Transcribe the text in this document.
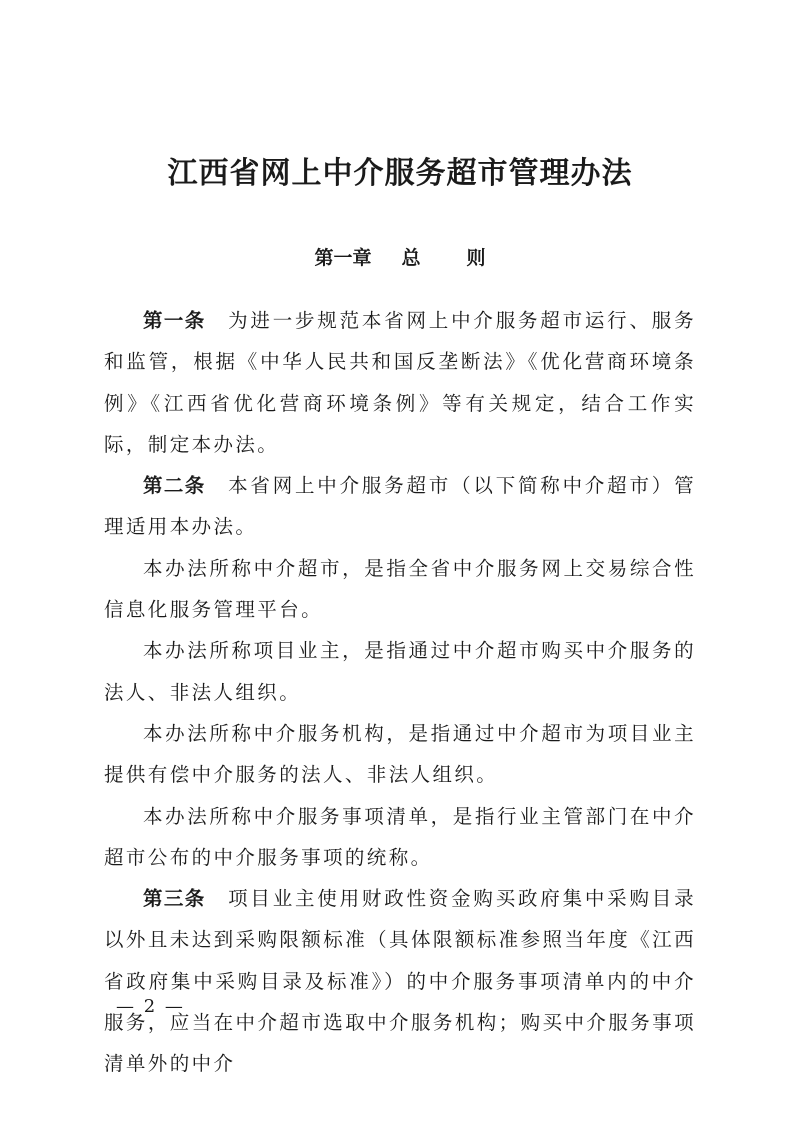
江西省网上中介服务超市管理办法
第一章 总 则

第一条 为进一步规范本省网上中介服务超市运行、服务和监管，根据《中华人民共和国反垄断法》《优化营商环境条例》《江西省优化营商环境条例》等有关规定，结合工作实际，制定本办法。

第二条 本省网上中介服务超市（以下简称中介超市）管理适用本办法。

本办法所称中介超市，是指全省中介服务网上交易综合性信息化服务管理平台。

本办法所称项目业主，是指通过中介超市购买中介服务的法人、非法人组织。

本办法所称中介服务机构，是指通过中介超市为项目业主提供有偿中介服务的法人、非法人组织。

本办法所称中介服务事项清单，是指行业主管部门在中介超市公布的中介服务事项的统称。

第三条 项目业主使用财政性资金购买政府集中采购目录以外且未达到采购限额标准（具体限额标准参照当年度《江西省政府集中采购目录及标准》）的中介服务事项清单内的中介服务，应当在中介超市选取中介服务机构；购买中介服务事项清单外的中介

— 2 —
